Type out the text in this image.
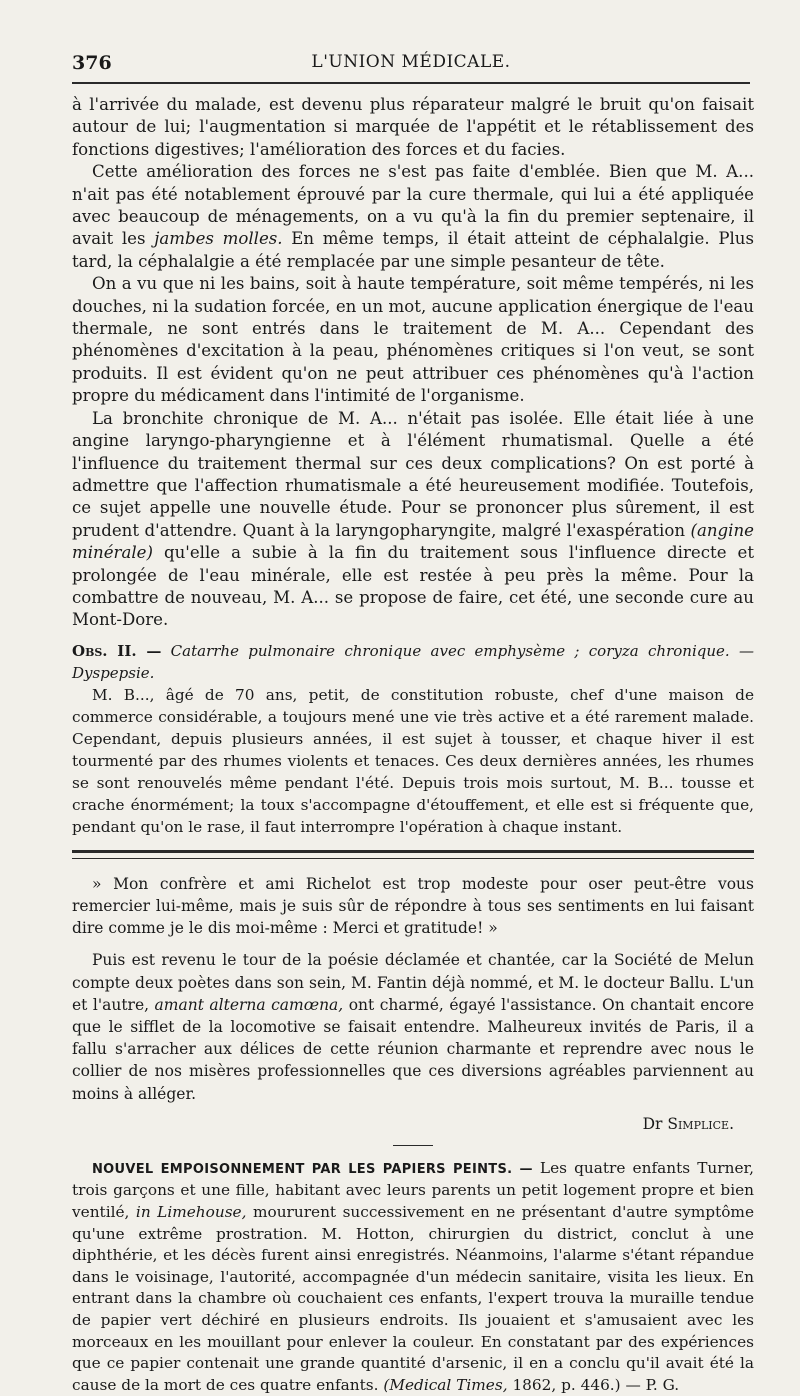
376	L'UNION MÉDICALE.

à l'arrivée du malade, est devenu plus réparateur malgré le bruit qu'on faisait autour de lui; l'augmentation si marquée de l'appétit et le rétablissement des fonctions digestives; l'amélioration des forces et du facies.

Cette amélioration des forces ne s'est pas faite d'emblée. Bien que M. A... n'ait pas été notablement éprouvé par la cure thermale, qui lui a été appliquée avec beaucoup de ménagements, on a vu qu'à la fin du premier septenaire, il avait les jambes molles. En même temps, il était atteint de céphalalgie. Plus tard, la céphalalgie a été remplacée par une simple pesanteur de tête.

On a vu que ni les bains, soit à haute température, soit même tempérés, ni les douches, ni la sudation forcée, en un mot, aucune application énergique de l'eau thermale, ne sont entrés dans le traitement de M. A... Cependant des phénomènes d'excitation à la peau, phénomènes critiques si l'on veut, se sont produits. Il est évident qu'on ne peut attribuer ces phénomènes qu'à l'action propre du médicament dans l'intimité de l'organisme.

La bronchite chronique de M. A... n'était pas isolée. Elle était liée à une angine laryngo-pharyngienne et à l'élément rhumatismal. Quelle a été l'influence du traitement thermal sur ces deux complications? On est porté à admettre que l'affection rhumatismale a été heureusement modifiée. Toutefois, ce sujet appelle une nouvelle étude. Pour se prononcer plus sûrement, il est prudent d'attendre. Quant à la laryngopharyngite, malgré l'exaspération (angine minérale) qu'elle a subie à la fin du traitement sous l'influence directe et prolongée de l'eau minérale, elle est restée à peu près la même. Pour la combattre de nouveau, M. A... se propose de faire, cet été, une seconde cure au Mont-Dore.

Obs. II. — Catarrhe pulmonaire chronique avec emphysème ; coryza chronique. — Dyspepsie.

M. B..., âgé de 70 ans, petit, de constitution robuste, chef d'une maison de commerce considérable, a toujours mené une vie très active et a été rarement malade. Cependant, depuis plusieurs années, il est sujet à tousser, et chaque hiver il est tourmenté par des rhumes violents et tenaces. Ces deux dernières années, les rhumes se sont renouvelés même pendant l'été. Depuis trois mois surtout, M. B... tousse et crache énormément; la toux s'accompagne d'étouffement, et elle est si fréquente que, pendant qu'on le rase, il faut interrompre l'opération à chaque instant.

» Mon confrère et ami Richelot est trop modeste pour oser peut-être vous remercier lui-même, mais je suis sûr de répondre à tous ses sentiments en lui faisant dire comme je le dis moi-même : Merci et gratitude! »

Puis est revenu le tour de la poésie déclamée et chantée, car la Société de Melun compte deux poètes dans son sein, M. Fantin déjà nommé, et M. le docteur Ballu. L'un et l'autre, amant alterna camœna, ont charmé, égayé l'assistance. On chantait encore que le sifflet de la locomotive se faisait entendre. Malheureux invités de Paris, il a fallu s'arracher aux délices de cette réunion charmante et reprendre avec nous le collier de nos misères professionnelles que ces diversions agréables parviennent au moins à alléger.

Dr Simplice.

NOUVEL EMPOISONNEMENT PAR LES PAPIERS PEINTS. — Les quatre enfants Turner, trois garçons et une fille, habitant avec leurs parents un petit logement propre et bien ventilé, in Limehouse, moururent successivement en ne présentant d'autre symptôme qu'une extrême prostration. M. Hotton, chirurgien du district, conclut à une diphthérie, et les décès furent ainsi enregistrés. Néanmoins, l'alarme s'étant répandue dans le voisinage, l'autorité, accompagnée d'un médecin sanitaire, visita les lieux. En entrant dans la chambre où couchaient ces enfants, l'expert trouva la muraille tendue de papier vert déchiré en plusieurs endroits. Ils jouaient et s'amusaient avec les morceaux en les mouillant pour enlever la couleur. En constatant par des expériences que ce papier contenait une grande quantité d'arsenic, il en a conclu qu'il avait été la cause de la mort de ces quatre enfants. (Medical Times, 1862, p. 446.) — P. G.
